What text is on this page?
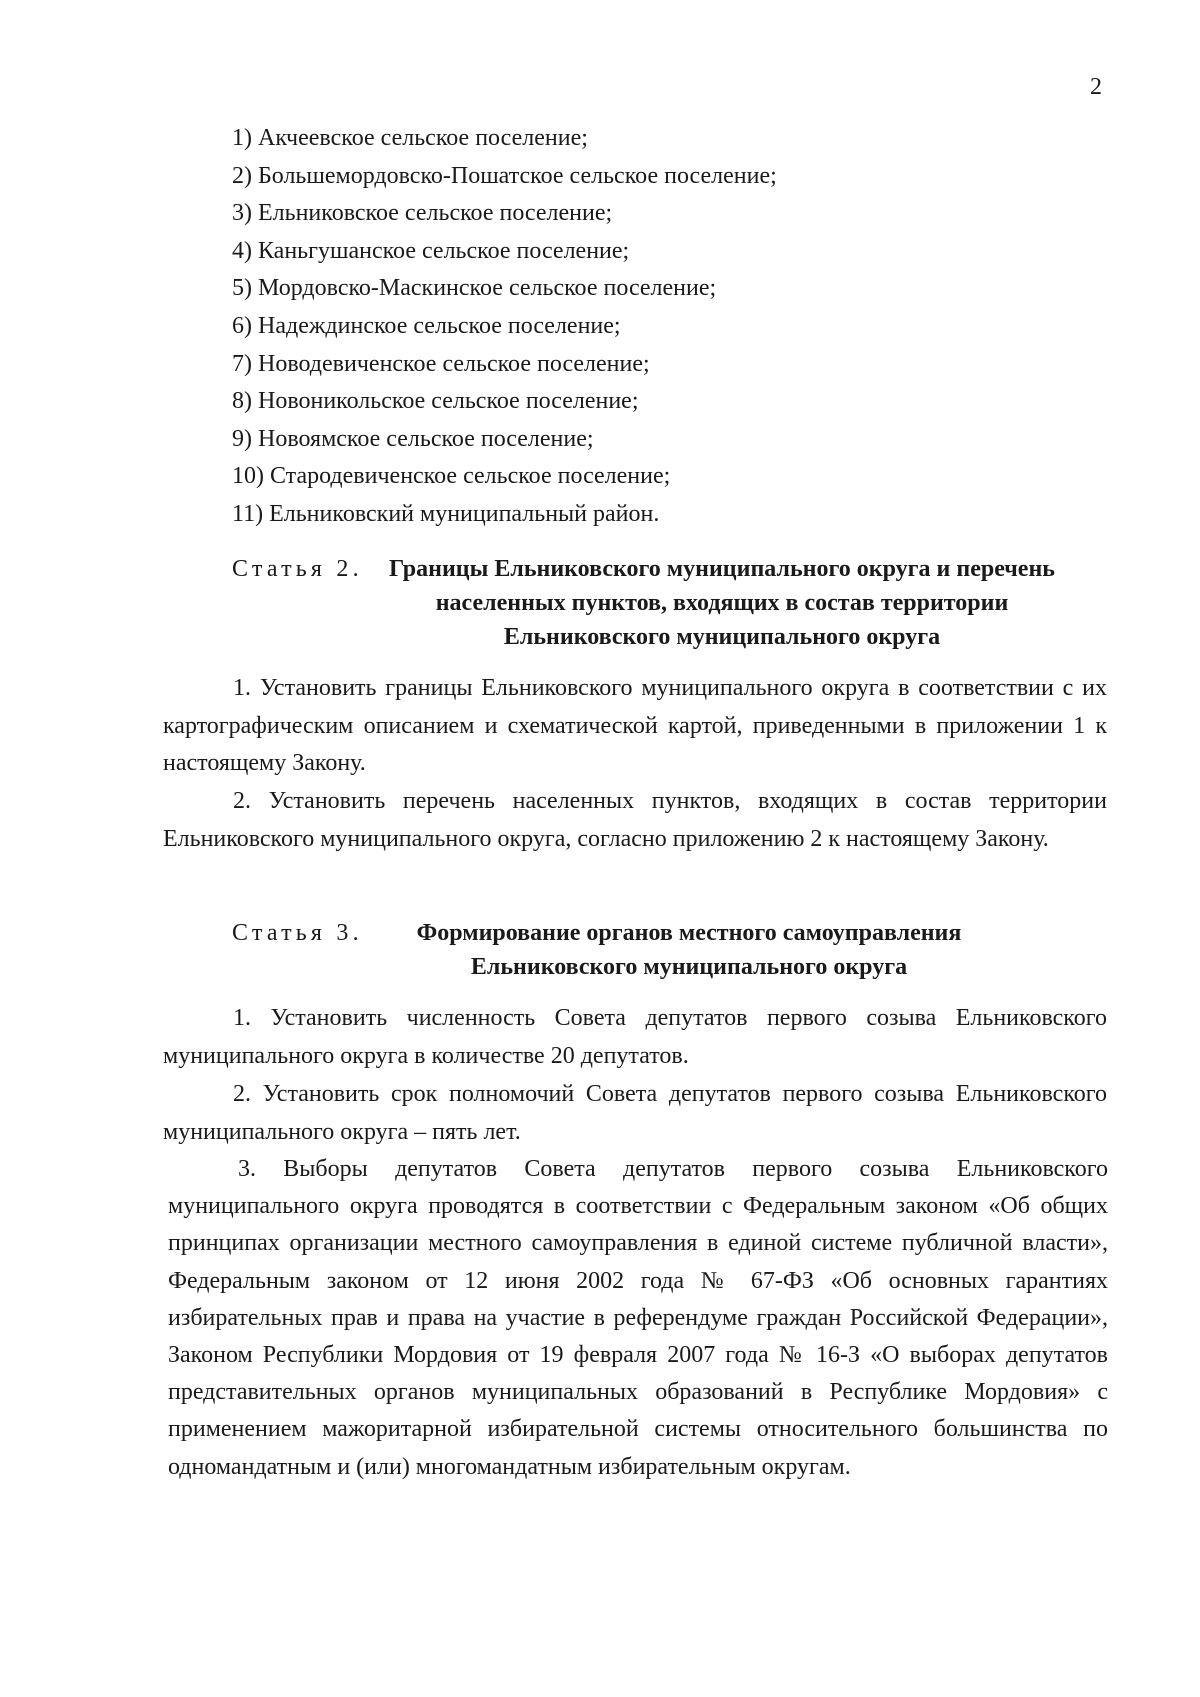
2
1) Акчеевское сельское поселение;
2) Большемордовско-Пошатское сельское поселение;
3) Ельниковское сельское поселение;
4) Каньгушанское сельское поселение;
5) Мордовско-Маскинское сельское поселение;
6) Надеждинское сельское поселение;
7) Новодевиченское сельское поселение;
8) Новоникольское сельское поселение;
9) Новоямское сельское поселение;
10) Стародевиченское сельское поселение;
11) Ельниковский муниципальный район.
Статья 2. Границы Ельниковского муниципального округа и перечень населенных пунктов, входящих в состав территории Ельниковского муниципального округа

1. Установить границы Ельниковского муниципального округа в соответствии с их картографическим описанием и схематической картой, приведенными в приложении 1 к настоящему Закону.

2. Установить перечень населенных пунктов, входящих в состав территории Ельниковского муниципального округа, согласно приложению 2 к настоящему Закону.

Статья 3.	Формирование органов местного самоуправления Ельниковского муниципального округа

1. Установить численность Совета депутатов первого созыва Ельниковского муниципального округа в количестве 20 депутатов.

2. Установить срок полномочий Совета депутатов первого созыва Ельниковского муниципального округа – пять лет.

3. Выборы депутатов Совета депутатов первого созыва Ельниковского муниципального округа проводятся в соответствии с Федеральным законом «Об общих принципах организации местного самоуправления в единой системе публичной власти», Федеральным законом от 12 июня 2002 года № 67-ФЗ «Об основных гарантиях избирательных прав и права на участие в референдуме граждан Российской Федерации», Законом Республики Мордовия от 19 февраля 2007 года № 16-З «О выборах депутатов представительных органов муниципальных образований в Республике Мордовия» с применением мажоритарной избирательной системы относительного большинства по одномандатным и (или) многомандатным избирательным округам.
